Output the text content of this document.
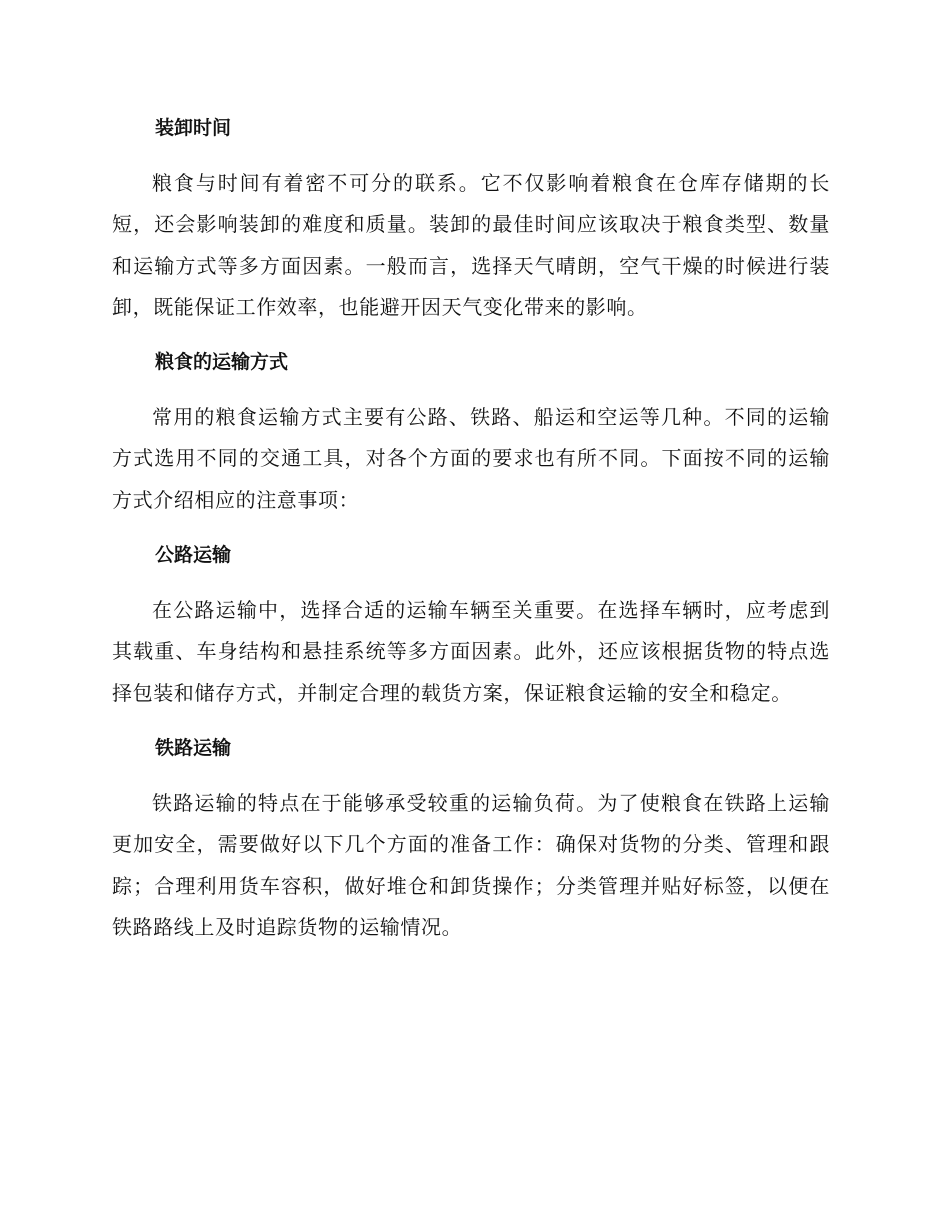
装卸时间

粮食与时间有着密不可分的联系。它不仅影响着粮食在仓库存储期的长短，还会影响装卸的难度和质量。装卸的最佳时间应该取决于粮食类型、数量和运输方式等多方面因素。一般而言，选择天气晴朗，空气干燥的时候进行装卸，既能保证工作效率，也能避开因天气变化带来的影响。

粮食的运输方式

常用的粮食运输方式主要有公路、铁路、船运和空运等几种。不同的运输方式选用不同的交通工具，对各个方面的要求也有所不同。下面按不同的运输方式介绍相应的注意事项：

公路运输

在公路运输中，选择合适的运输车辆至关重要。在选择车辆时，应考虑到其载重、车身结构和悬挂系统等多方面因素。此外，还应该根据货物的特点选择包装和储存方式，并制定合理的载货方案，保证粮食运输的安全和稳定。

铁路运输

铁路运输的特点在于能够承受较重的运输负荷。为了使粮食在铁路上运输更加安全，需要做好以下几个方面的准备工作：确保对货物的分类、管理和跟踪；合理利用货车容积，做好堆仓和卸货操作；分类管理并贴好标签，以便在铁路路线上及时追踪货物的运输情况。
